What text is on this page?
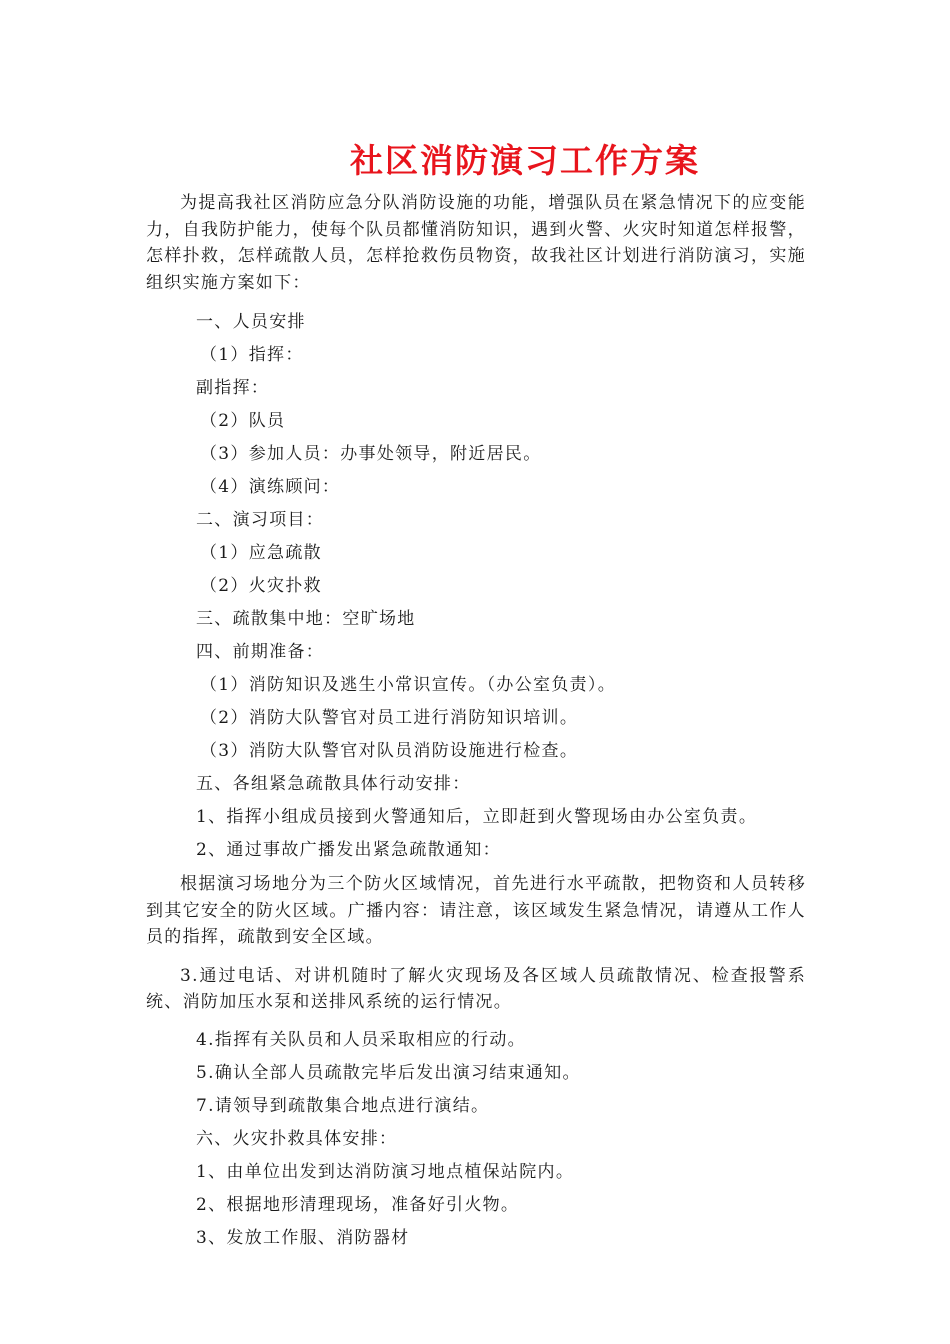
社区消防演习工作方案

为提高我社区消防应急分队消防设施的功能，增强队员在紧急情况下的应变能力，自我防护能力，使每个队员都懂消防知识，遇到火警、火灾时知道怎样报警，怎样扑救，怎样疏散人员，怎样抢救伤员物资，故我社区计划进行消防演习，实施组织实施方案如下：

一、人员安排

（1）指挥：

副指挥：

（2）队员

（3）参加人员：办事处领导，附近居民。

（4）演练顾问：

二、演习项目：

（1）应急疏散

（2）火灾扑救

三、疏散集中地：空旷场地

四、前期准备：

（1）消防知识及逃生小常识宣传。（办公室负责）。

（2）消防大队警官对员工进行消防知识培训。

（3）消防大队警官对队员消防设施进行检查。

五、各组紧急疏散具体行动安排：

1、指挥小组成员接到火警通知后，立即赶到火警现场由办公室负责。

2、通过事故广播发出紧急疏散通知：

根据演习场地分为三个防火区域情况，首先进行水平疏散，把物资和人员转移到其它安全的防火区域。广播内容：请注意，该区域发生紧急情况，请遵从工作人员的指挥，疏散到安全区域。

3.通过电话、对讲机随时了解火灾现场及各区域人员疏散情况、检查报警系统、消防加压水泵和送排风系统的运行情况。

4.指挥有关队员和人员采取相应的行动。

5.确认全部人员疏散完毕后发出演习结束通知。

7.请领导到疏散集合地点进行演结。

六、火灾扑救具体安排：

1、由单位出发到达消防演习地点植保站院内。

2、根据地形清理现场，准备好引火物。

3、发放工作服、消防器材
